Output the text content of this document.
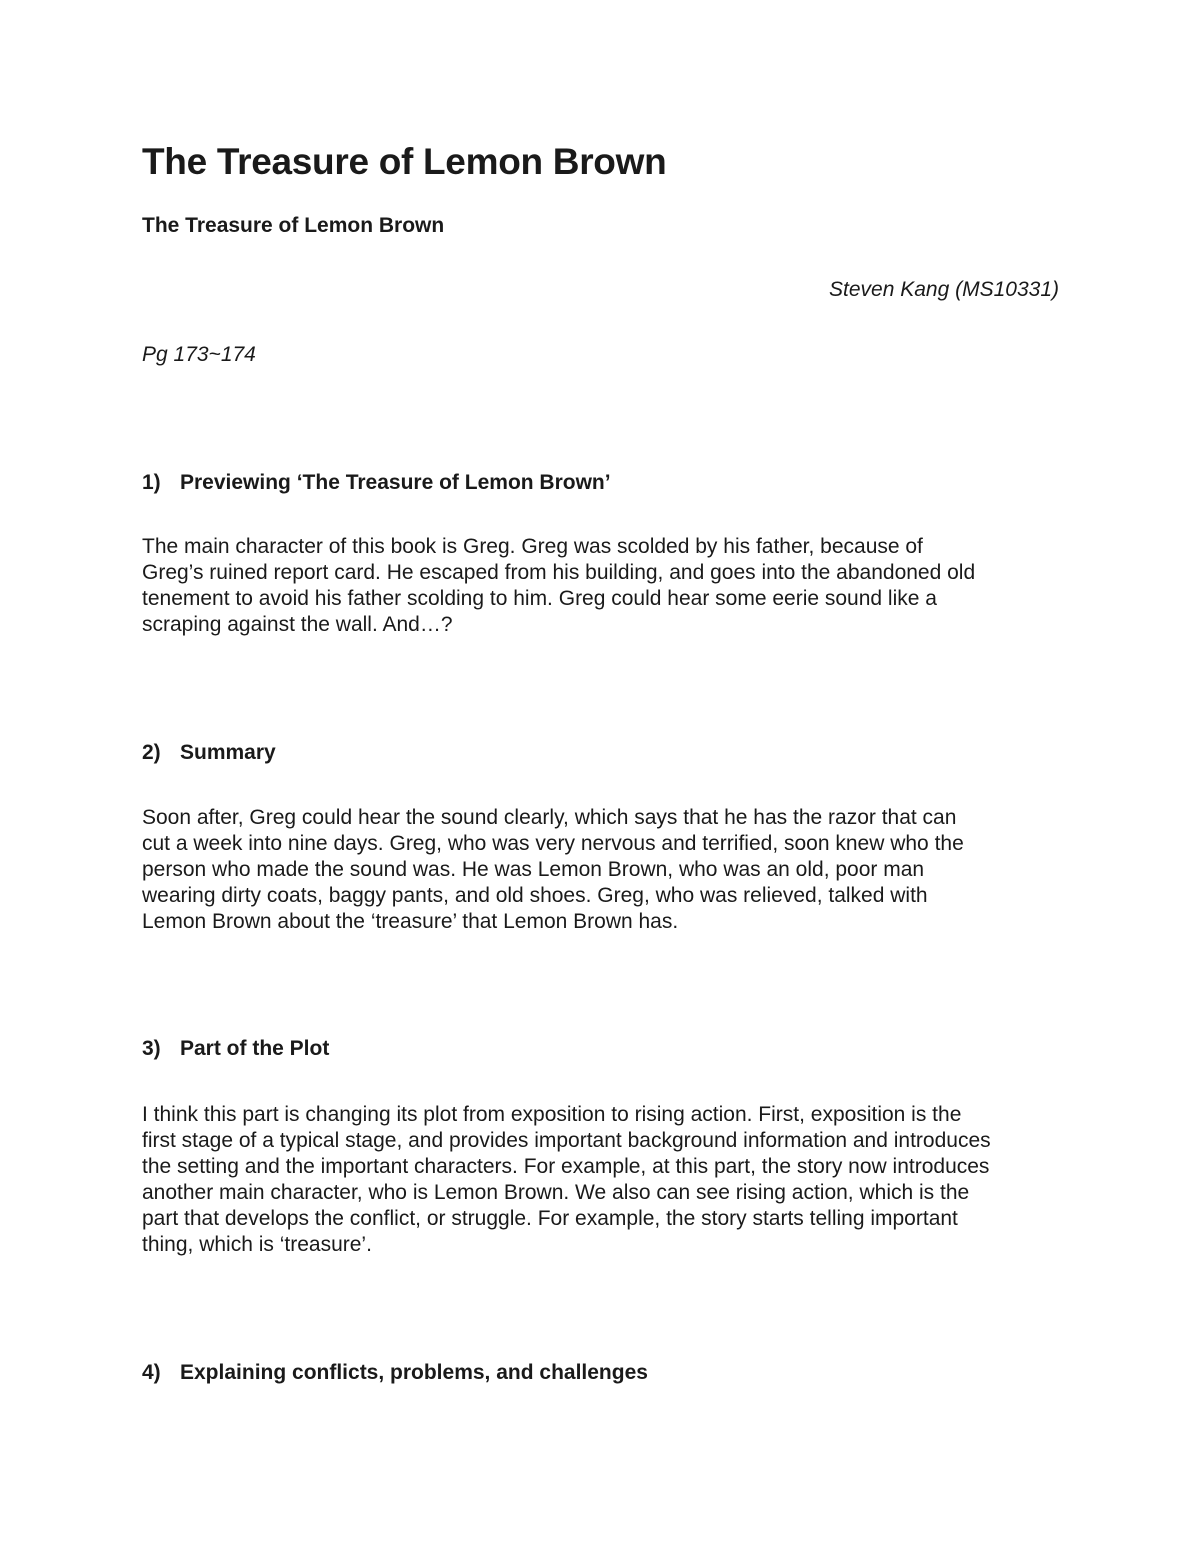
The Treasure of Lemon Brown
The Treasure of Lemon Brown
Steven Kang (MS10331)
Pg 173~174
1) Previewing ‘The Treasure of Lemon Brown’
The main character of this book is Greg. Greg was scolded by his father, because of
Greg’s ruined report card. He escaped from his building, and goes into the abandoned old
tenement to avoid his father scolding to him. Greg could hear some eerie sound like a
scraping against the wall. And…?
2) Summary
Soon after, Greg could hear the sound clearly, which says that he has the razor that can
cut a week into nine days. Greg, who was very nervous and terrified, soon knew who the
person who made the sound was. He was Lemon Brown, who was an old, poor man
wearing dirty coats, baggy pants, and old shoes. Greg, who was relieved, talked with
Lemon Brown about the ‘treasure’ that Lemon Brown has.
3) Part of the Plot
I think this part is changing its plot from exposition to rising action. First, exposition is the
first stage of a typical stage, and provides important background information and introduces
the setting and the important characters. For example, at this part, the story now introduces
another main character, who is Lemon Brown. We also can see rising action, which is the
part that develops the conflict, or struggle. For example, the story starts telling important
thing, which is ‘treasure’.
4) Explaining conflicts, problems, and challenges
